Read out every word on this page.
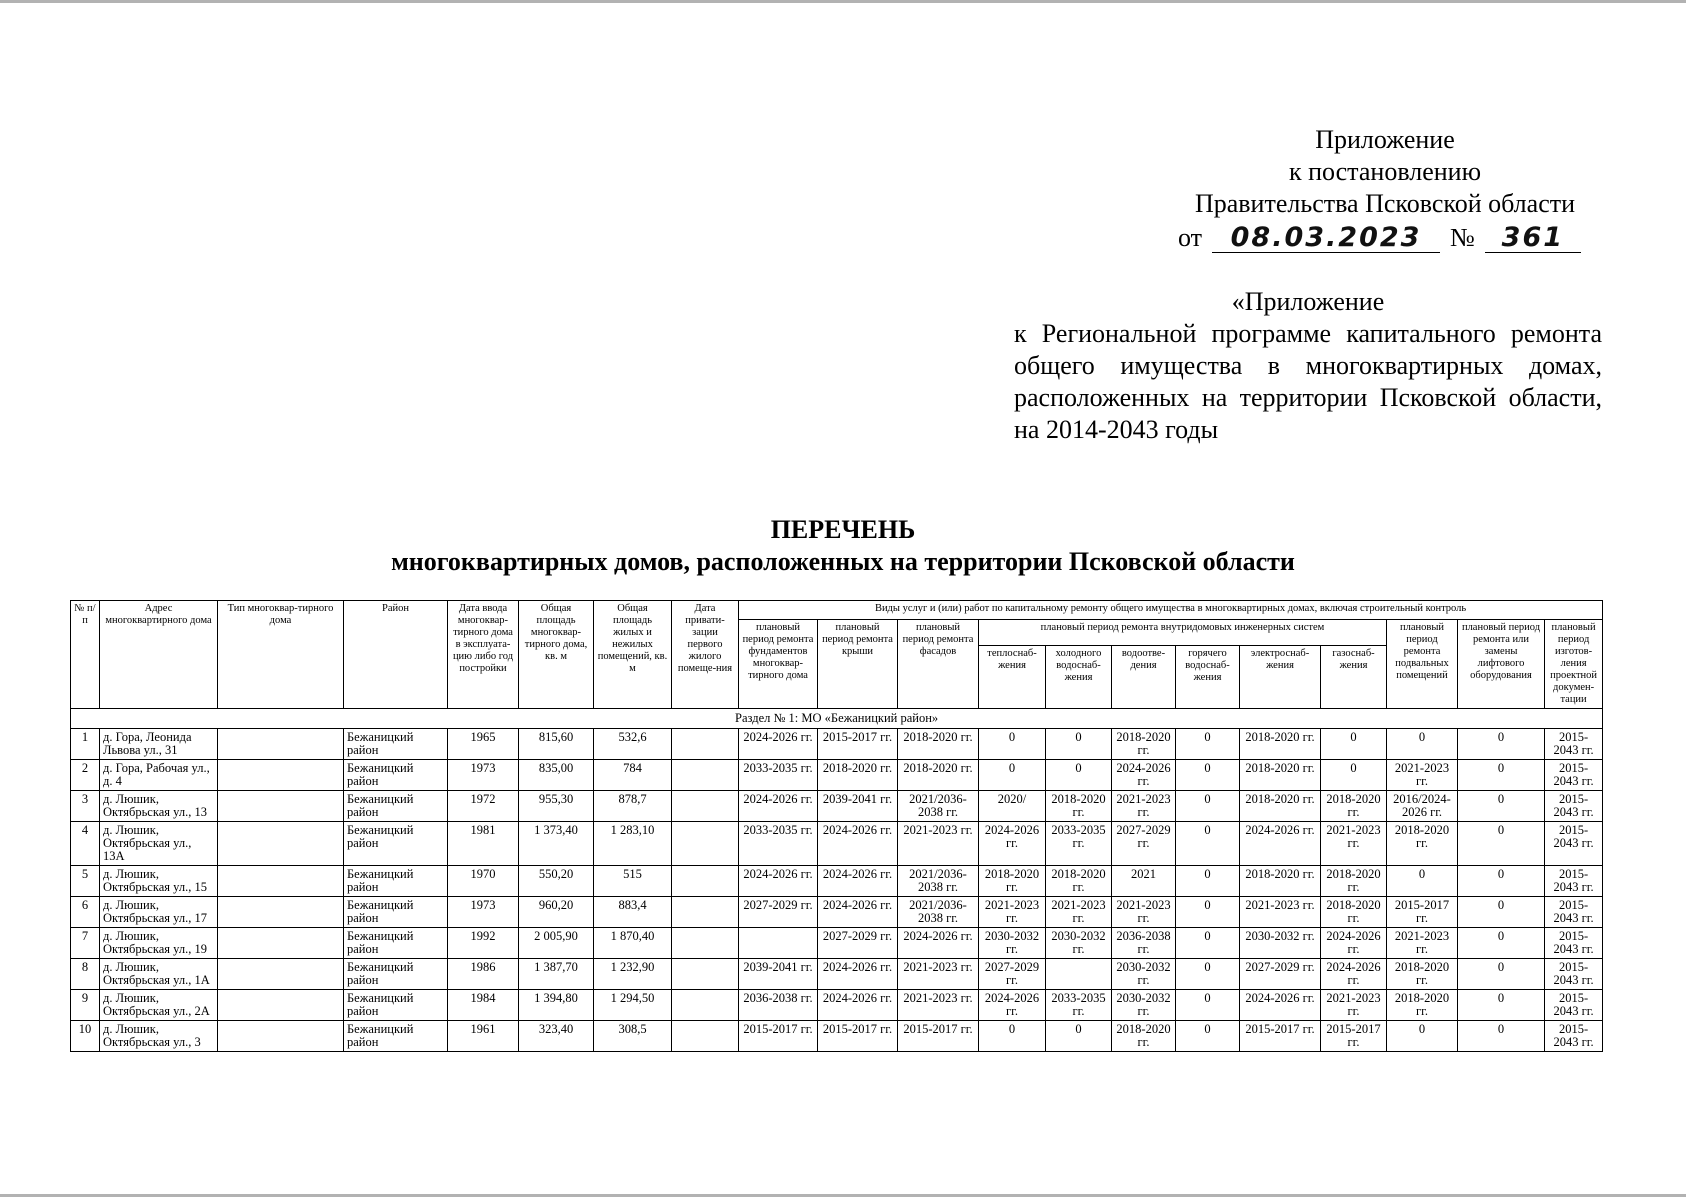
Приложение
к постановлению
Правительства Псковской области
от 08.03.2023 № 361
«Приложение
к Региональной программе капитального ремонта общего имущества в многоквартирных домах, расположенных на территории Псковской области, на 2014-2043 годы
ПЕРЕЧЕНЬ
многоквартирных домов, расположенных на территории Псковской области
№ п/п	Адрес многоквартирного дома	Тип многоквар-тирного дома	Район	Дата ввода многоквар-тирного дома в эксплуата-цию либо год постройки	Общая площадь многоквар-тирного дома, кв. м	Общая площадь жилых и нежилых помещений, кв. м	Дата привати-зации первого жилого помеще-ния	Виды услуг и (или) работ по капитальному ремонту общего имущества в многоквартирных домах, включая строительный контроль											
								плановый период ремонта фундаментов многоквар-тирного дома	плановый период ремонта крыши	плановый период ремонта фасадов	плановый период ремонта внутридомовых инженерных систем						плановый период ремонта подвальных помещений	плановый период ремонта или замены лифтового оборудования	плановый период изготов-ления проектной докумен-тации
											теплоснаб-жения	холодного водоснаб-жения	водоотве-дения	горячего водоснаб-жения	электроснаб-жения	газоснаб-жения			
Раздел № 1: МО «Бежаницкий район»																			
1	д. Гора, Леонида Львова ул., 31		Бежаницкий район	1965	815,60	532,6		2024-2026 гг.	2015-2017 гг.	2018-2020 гг.	0	0	2018-2020 гг.	0	2018-2020 гг.	0	0	0	2015-2043 гг.
2	д. Гора, Рабочая ул., д. 4		Бежаницкий район	1973	835,00	784		2033-2035 гг.	2018-2020 гг.	2018-2020 гг.	0	0	2024-2026 гг.	0	2018-2020 гг.	0	2021-2023 гг.	0	2015-2043 гг.
3	д. Люшик, Октябрьская ул., 13		Бежаницкий район	1972	955,30	878,7		2024-2026 гг.	2039-2041 гг.	2021/2036-2038 гг.	2020/	2018-2020 гг.	2021-2023 гг.	0	2018-2020 гг.	2018-2020 гг.	2016/2024-2026 гг.	0	2015-2043 гг.
4	д. Люшик, Октябрьская ул., 13А		Бежаницкий район	1981	1 373,40	1 283,10		2033-2035 гг.	2024-2026 гг.	2021-2023 гг.	2024-2026 гг.	2033-2035 гг.	2027-2029 гг.	0	2024-2026 гг.	2021-2023 гг.	2018-2020 гг.	0	2015-2043 гг.
5	д. Люшик, Октябрьская ул., 15		Бежаницкий район	1970	550,20	515		2024-2026 гг.	2024-2026 гг.	2021/2036-2038 гг.	2018-2020 гг.	2018-2020 гг.	2021	0	2018-2020 гг.	2018-2020 гг.	0	0	2015-2043 гг.
6	д. Люшик, Октябрьская ул., 17		Бежаницкий район	1973	960,20	883,4		2027-2029 гг.	2024-2026 гг.	2021/2036-2038 гг.	2021-2023 гг.	2021-2023 гг.	2021-2023 гг.	0	2021-2023 гг.	2018-2020 гг.	2015-2017 гг.	0	2015-2043 гг.
7	д. Люшик, Октябрьская ул., 19		Бежаницкий район	1992	2 005,90	1 870,40			2027-2029 гг.	2024-2026 гг.	2030-2032 гг.	2030-2032 гг.	2036-2038 гг.	0	2030-2032 гг.	2024-2026 гг.	2021-2023 гг.	0	2015-2043 гг.
8	д. Люшик, Октябрьская ул., 1А		Бежаницкий район	1986	1 387,70	1 232,90		2039-2041 гг.	2024-2026 гг.	2021-2023 гг.	2027-2029 гг.		2030-2032 гг.	0	2027-2029 гг.	2024-2026 гг.	2018-2020 гг.	0	2015-2043 гг.
9	д. Люшик, Октябрьская ул., 2А		Бежаницкий район	1984	1 394,80	1 294,50		2036-2038 гг.	2024-2026 гг.	2021-2023 гг.	2024-2026 гг.	2033-2035 гг.	2030-2032 гг.	0	2024-2026 гг.	2021-2023 гг.	2018-2020 гг.	0	2015-2043 гг.
10	д. Люшик, Октябрьская ул., 3		Бежаницкий район	1961	323,40	308,5		2015-2017 гг.	2015-2017 гг.	2015-2017 гг.	0	0	2018-2020 гг.	0	2015-2017 гг.	2015-2017 гг.	0	0	2015-2043 гг.
